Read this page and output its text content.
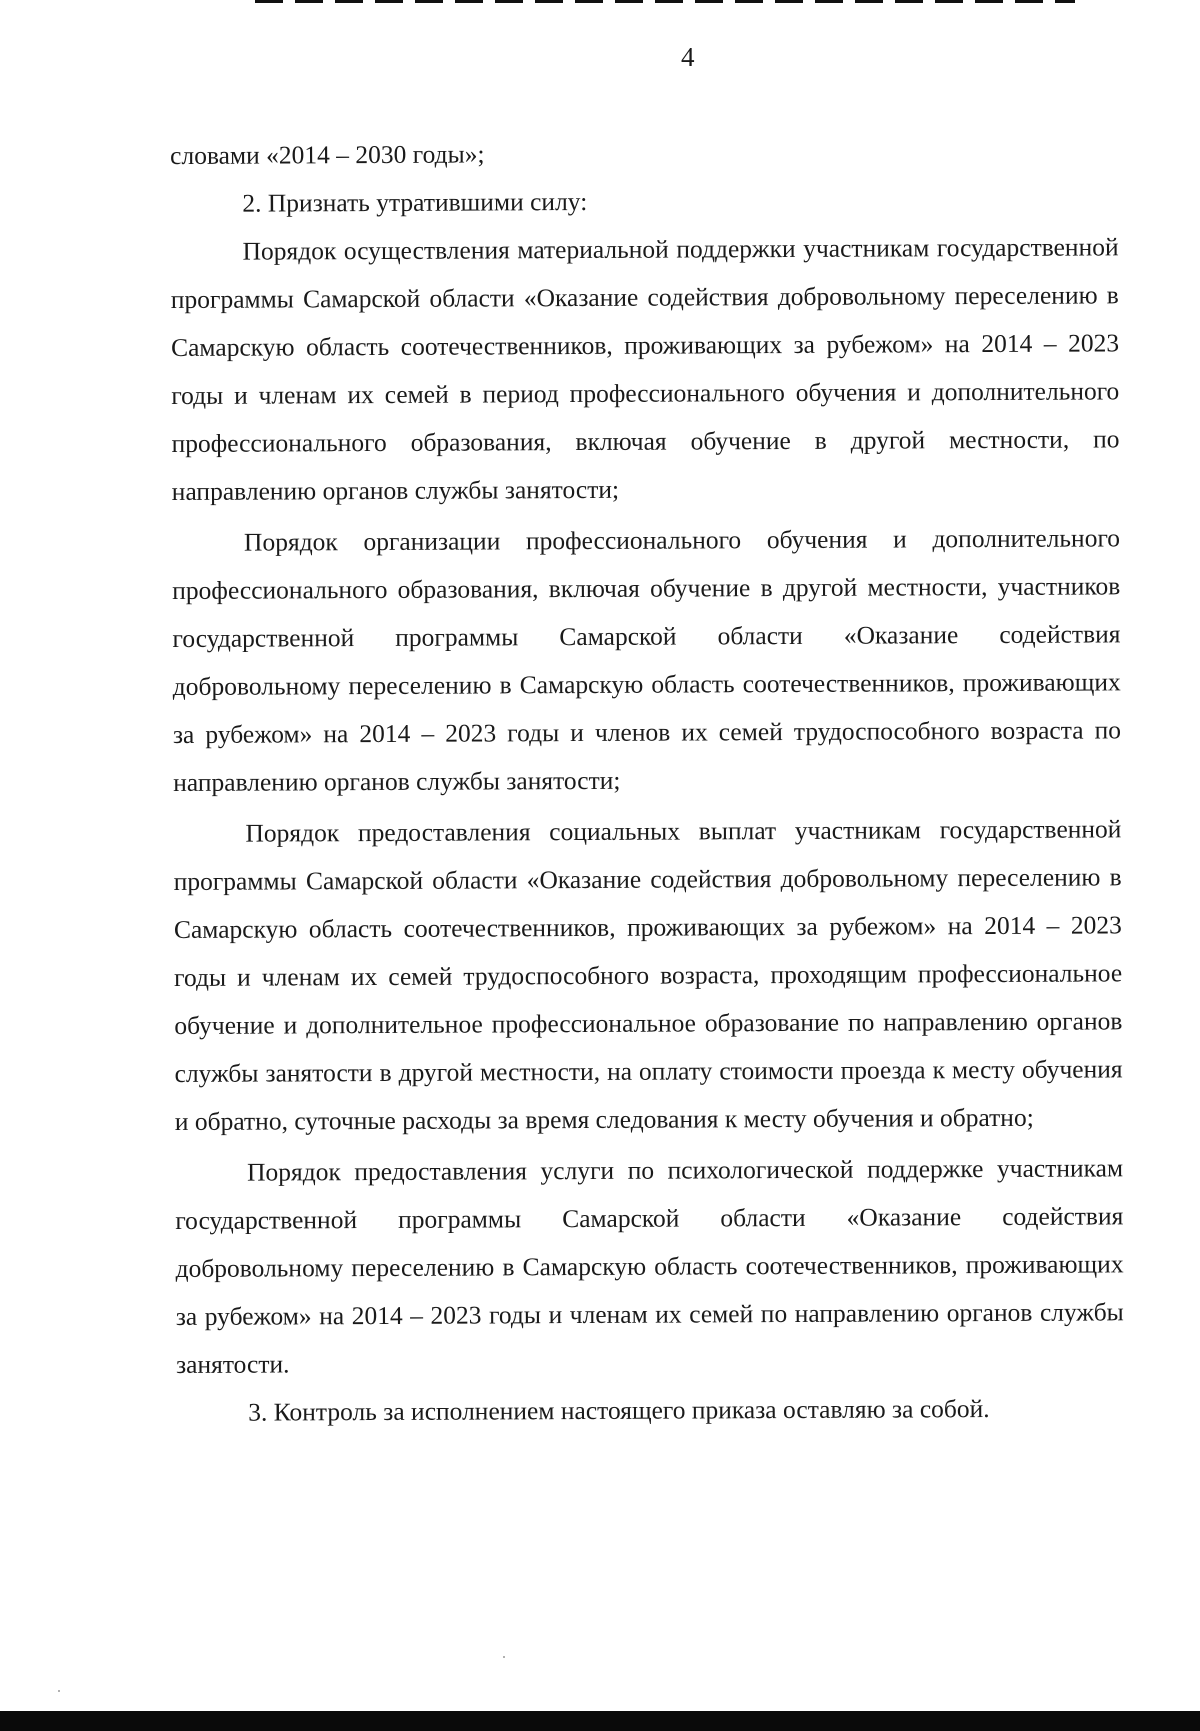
4

словами «2014 – 2030 годы»;

2. Признать утратившими силу:

Порядок осуществления материальной поддержки участникам государственной программы Самарской области «Оказание содействия добровольному переселению в Самарскую область соотечественников, проживающих за рубежом» на 2014 – 2023 годы и членам их семей в период профессионального обучения и дополнительного профессионального образования, включая обучение в другой местности, по направлению органов службы занятости;

Порядок организации профессионального обучения и дополнительного профессионального образования, включая обучение в другой местности, участников государственной программы Самарской области «Оказание содействия добровольному переселению в Самарскую область соотечественников, проживающих за рубежом» на 2014 – 2023 годы и членов их семей трудоспособного возраста по направлению органов службы занятости;

Порядок предоставления социальных выплат участникам государственной программы Самарской области «Оказание содействия добровольному переселению в Самарскую область соотечественников, проживающих за рубежом» на 2014 – 2023 годы и членам их семей трудоспособного возраста, проходящим профессиональное обучение и дополнительное профессиональное образование по направлению органов службы занятости в другой местности, на оплату стоимости проезда к месту обучения и обратно, суточные расходы за время следования к месту обучения и обратно;

Порядок предоставления услуги по психологической поддержке участникам государственной программы Самарской области «Оказание содействия добровольному переселению в Самарскую область соотечественников, проживающих за рубежом» на 2014 – 2023 годы и членам их семей по направлению органов службы занятости.

3. Контроль за исполнением настоящего приказа оставляю за собой.
